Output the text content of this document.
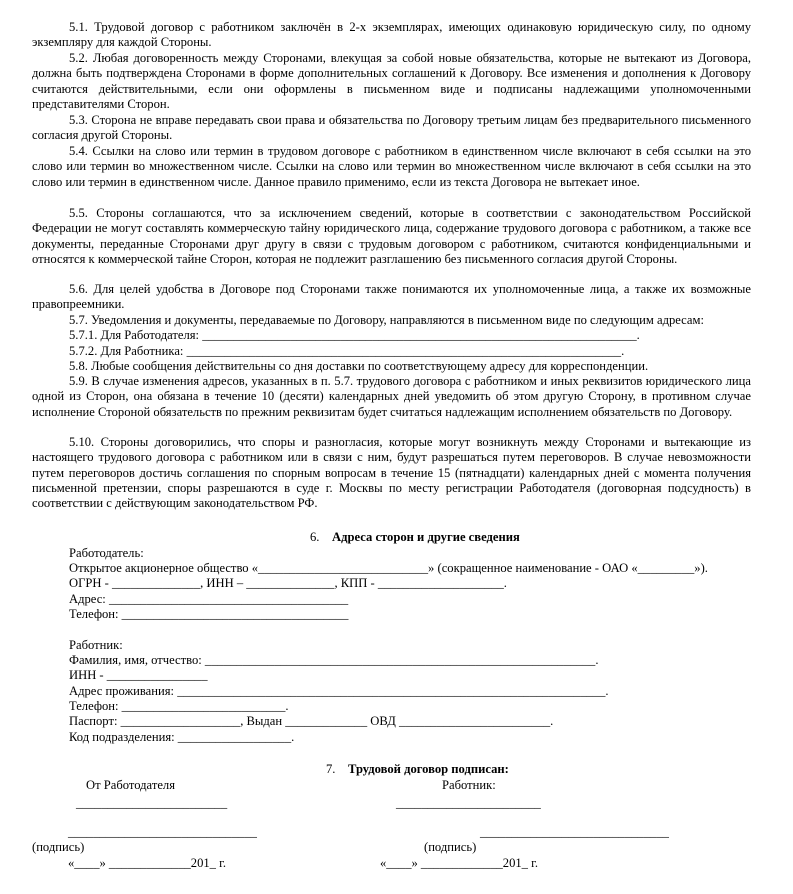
5.1. Трудовой договор с работником заключён в 2-х экземплярах, имеющих одинаковую юридическую силу, по одному экземпляру для каждой Стороны.

5.2. Любая договоренность между Сторонами, влекущая за собой новые обязательства, которые не вытекают из Договора, должна быть подтверждена Сторонами в форме дополнительных соглашений к Договору. Все изменения и дополнения к Договору считаются действительными, если они оформлены в письменном виде и подписаны надлежащими уполномоченными представителями Сторон.

5.3. Сторона не вправе передавать свои права и обязательства по Договору третьим лицам без предварительного письменного согласия другой Стороны.

5.4. Ссылки на слово или термин в трудовом договоре с работником в единственном числе включают в себя ссылки на это слово или термин во множественном числе. Ссылки на слово или термин во множественном числе включают в себя ссылки на это слово или термин в единственном числе. Данное правило применимо, если из текста Договора не вытекает иное.

5.5. Стороны соглашаются, что за исключением сведений, которые в соответствии с законодательством Российской Федерации не могут составлять коммерческую тайну юридического лица, содержание трудового договора с работником, а также все документы, переданные Сторонами друг другу в связи с трудовым договором с работником, считаются конфиденциальными и относятся к коммерческой тайне Сторон, которая не подлежит разглашению без письменного согласия другой Стороны.

5.6. Для целей удобства в Договоре под Сторонами также понимаются их уполномоченные лица, а также их возможные правопреемники.

5.7. Уведомления и документы, передаваемые по Договору, направляются в письменном виде по следующим адресам:

5.7.1. Для Работодателя: _____________________________________________________________________.
5.7.2. Для Работника: _____________________________________________________________________.

5.8. Любые сообщения действительны со дня доставки по соответствующему адресу для корреспонденции.

5.9. В случае изменения адресов, указанных в п. 5.7. трудового договора с работником и иных реквизитов юридического лица одной из Сторон, она обязана в течение 10 (десяти) календарных дней уведомить об этом другую Сторону, в противном случае исполнение Стороной обязательств по прежним реквизитам будет считаться надлежащим исполнением обязательств по Договору.

5.10. Стороны договорились, что споры и разногласия, которые могут возникнуть между Сторонами и вытекающие из настоящего трудового договора с работником или в связи с ним, будут разрешаться путем переговоров. В случае невозможности путем переговоров достичь соглашения по спорным вопросам в течение 15 (пятнадцати) календарных дней с момента получения письменной претензии, споры разрешаются в суде г. Москвы по месту регистрации Работодателя (договорная подсудность) в соответствии с действующим законодательством РФ.

6. Адреса сторон и другие сведения
Работодатель:
Открытое акционерное общество «___________________________» (сокращенное наименование - ОАО «_________»).
ОГРН - ______________, ИНН – ______________, КПП - ____________________.
Адрес: ______________________________________
Телефон: ____________________________________
Работник:
Фамилия, имя, отчество: ______________________________________________________________.
ИНН - ________________
Адрес проживания: ____________________________________________________________________.
Телефон: __________________________.
Паспорт: ___________________, Выдан _____________ ОВД ________________________.
Код подразделения: __________________.
7. Трудовой договор подписан:
От Работодателя	Работник:
________________________	_______________________
______________________________	______________________________
(подпись)	(подпись)
«____» _____________201_ г.	«____» _____________201_ г.
